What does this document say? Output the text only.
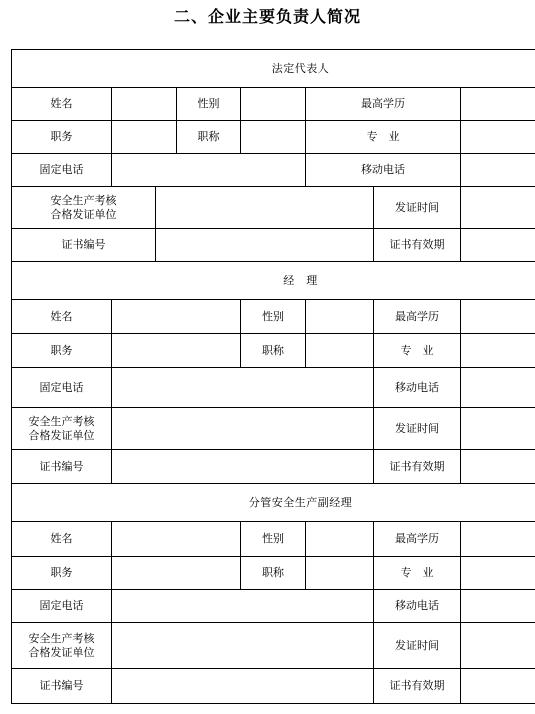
二、企业主要负责人简况
法定代表人							
姓名			性别		最高学历		
职务			职称		专　业		
固定电话					移动电话		

安全生产考核
合格发证单位						发证时间	
证书编号						证书有效期	
经　理							
姓名				性别		最高学历	
职务				职称		专　业	
固定电话						移动电话	

安全生产考核
合格发证单位						发证时间	
证书编号						证书有效期	
分管安全生产副经理							
姓名				性别		最高学历	
职务				职称		专　业	
固定电话						移动电话	

安全生产考核
合格发证单位						发证时间	
证书编号						证书有效期	
